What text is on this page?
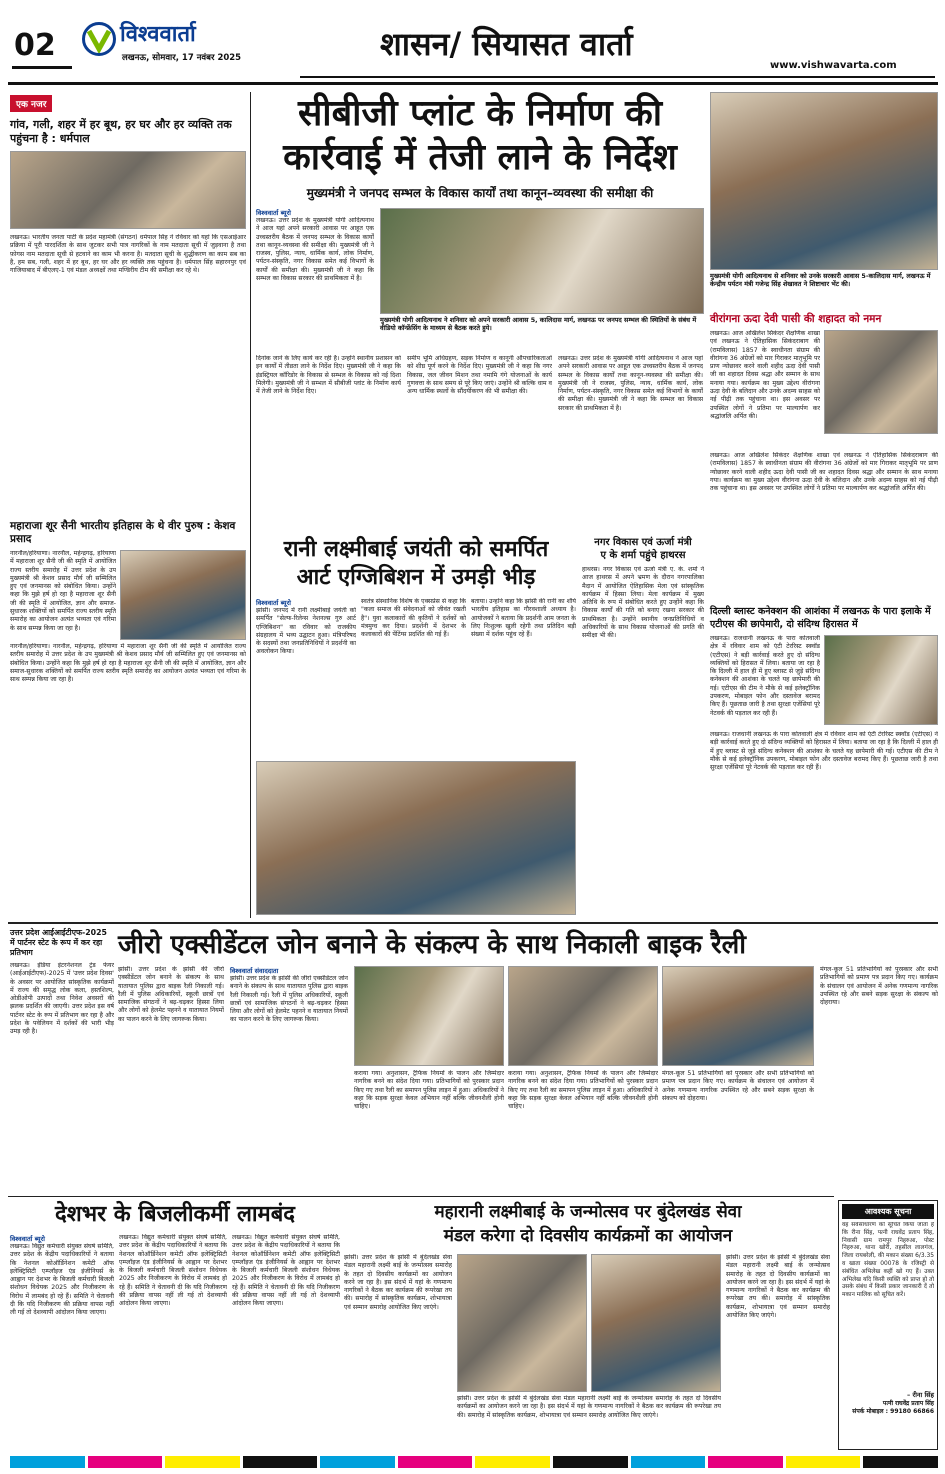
02	विश्ववार्ता
लखनऊ, सोमवार, 17 नवंबर 2025	शासन/ सियासत वार्ता
www.vishwavarta.com
एक नजर
गांव, गली, शहर में हर बूथ, हर घर और हर व्यक्ति तक पहुंचना है : धर्मपाल
लखनऊ। भारतीय जनता पार्टी के प्रदेश महामंत्री (संगठन) धर्मपाल सिंह ने रविवार को यहां कि एसआईआर प्रक्रिया में पूरी पारदर्शिता के साथ जुटकर सभी पात्र नागरिकों के नाम मतदाता सूची में जुड़वाना है तथा फ़ोगस नाम मतदाता सूची से हटवाने का काम भी करना है। मतदाता सूची के शुद्धीकरण का काम सब का है, हम सब, गली, शहर में हर बूथ, हर घर और हर व्यक्ति तक पहुंचना है। धर्मपाल सिंह सहारनपुर एवं गाजियाबाद में बीएलए-1 एवं मंडल अध्यक्षों तथा मण्डिरीय टीम की समीक्षा कर रहे थे।
महाराजा शूर सैनी भारतीय इतिहास के थे वीर पुरुष : केशव प्रसाद
नारनौल/हरियाणा। नारनौल, महेन्द्रगढ़, हरियाणा में महाराजा शूर सैनी जी की स्मृति में आयोजित राज्य स्तरीय समारोह में उत्तर प्रदेश के उप मुख्यमंत्री श्री केशव प्रसाद मौर्य जी सम्मिलित हुए एवं जनमानस को संबोधित किया। उन्होंने कहा कि मुझे हर्ष हो रहा है महाराजा शूर सैनी जी की स्मृति में आयोजित, ज्ञान और समाज-सुधारक शक्तियों को समर्पित राज्य स्तरीय स्मृति समारोह का आयोजन अत्यंत भव्यता एवं गरिमा के साथ सम्पन्न किया जा रहा है।
नारनौल/हरियाणा। नारनौल, महेन्द्रगढ़, हरियाणा में महाराजा शूर सैनी जी की स्मृति में आयोजित राज्य स्तरीय समारोह में उत्तर प्रदेश के उप मुख्यमंत्री श्री केशव प्रसाद मौर्य जी सम्मिलित हुए एवं जनमानस को संबोधित किया। उन्होंने कहा कि मुझे हर्ष हो रहा है महाराजा शूर सैनी जी की स्मृति में आयोजित, ज्ञान और समाज-सुधारक शक्तियों को समर्पित राज्य स्तरीय स्मृति समारोह का आयोजन अत्यंत भव्यता एवं गरिमा के साथ सम्पन्न किया जा रहा है।
सीबीजी प्लांट के निर्माण की
कार्रवाई में तेजी लाने के निर्देश
मुख्यमंत्री ने जनपद सम्भल के विकास कार्यों तथा कानून–व्यवस्था की समीक्षा की
विश्ववार्ता ब्यूरो
लखनऊ। उत्तर प्रदेश के मुख्यमंत्री योगी आदित्यनाथ ने आज यहां अपने सरकारी आवास पर आहूत एक उच्चस्तरीय बैठक में जनपद सम्भल के विकास कार्यों तथा कानून-व्यवस्था की समीक्षा की। मुख्यमंत्री जी ने राजस्व, पुलिस, न्याय, धार्मिक कार्य, लोक निर्माण, पर्यटन-संस्कृति, नगर विकास समेत कई विभागों के कार्यों की समीक्षा की। मुख्यमंत्री जी ने कहा कि सम्भल का विकास सरकार की प्राथमिकता में है।
मुख्यमंत्री योगी आदित्यनाथ ने शनिवार को अपने सरकारी आवास 5, कालिदास मार्ग, लखनऊ पर जनपद सम्भल की स्थितियों के संबंध में वीडियो कॉन्फ्रेंसिंग के माध्यम से बैठक करते हुये।
दिनांक जाने के लिए कार्य कर रही है। उन्होंने स्थानीय प्रशासन को इन कार्यों में तीव्रता लाने के निर्देश दिए। मुख्यमंत्री जी ने कहा कि इंडस्ट्रियल कॉरिडोर के विकास से सम्भल के विकास को नई दिशा मिलेगी। मुख्यमंत्री जी ने सम्भल में सीबीजी प्लांट के निर्माण कार्य में तेजी लाने के निर्देश दिए।
समीप भूमि अधिग्रहण, सड़क निर्माण व कानूनी औपचारिकताओं को शीघ्र पूर्ण करने के निर्देश दिए। मुख्यमंत्री जी ने कहा कि नगर विकास, जल जीवन मिशन तथा नमामि गंगे योजनाओं के कार्य गुणवत्ता के साथ समय से पूरे किए जाएं। उन्होंने श्री कल्कि धाम व अन्य धार्मिक स्थलों के सौंदर्यीकरण की भी समीक्षा की।
लखनऊ। उत्तर प्रदेश के मुख्यमंत्री योगी आदित्यनाथ ने आज यहां अपने सरकारी आवास पर आहूत एक उच्चस्तरीय बैठक में जनपद सम्भल के विकास कार्यों तथा कानून-व्यवस्था की समीक्षा की। मुख्यमंत्री जी ने राजस्व, पुलिस, न्याय, धार्मिक कार्य, लोक निर्माण, पर्यटन-संस्कृति, नगर विकास समेत कई विभागों के कार्यों की समीक्षा की। मुख्यमंत्री जी ने कहा कि सम्भल का विकास सरकार की प्राथमिकता में है।
मुख्यमंत्री योगी आदित्यनाथ से शनिवार को उनके सरकारी आवास 5-कालिदास मार्ग, लखनऊ में केन्द्रीय पर्यटन मंत्री गजेन्द्र सिंह शेखावत ने शिष्टाचार भेंट की।
वीरांगना ऊदा देवी पासी की शहादत को नमन
लखनऊ। आज अखिलेश सिकंदर शैक्षणिक शाखा एवं लखनऊ ने ऐतिहासिक सिकंदराबाग की (रामविलास) 1857 के स्वाधीनता संग्राम की वीरांगना 36 अंग्रेजों को मार गिराकर मातृभूमि पर प्राण न्योछावर करने वाली शहीद ऊदा देवी पासी जी का शहादत दिवस श्रद्धा और सम्मान के साथ मनाया गया। कार्यक्रम का मुख्य उद्देश्य वीरांगना ऊदा देवी के बलिदान और उनके अदम्य साहस को नई पीढ़ी तक पहुंचाना था। इस अवसर पर उपस्थित लोगों ने प्रतिमा पर माल्यार्पण कर श्रद्धांजलि अर्पित की।
लखनऊ। आज अखिलेश सिकंदर शैक्षणिक शाखा एवं लखनऊ ने ऐतिहासिक सिकंदराबाग की (रामविलास) 1857 के स्वाधीनता संग्राम की वीरांगना 36 अंग्रेजों को मार गिराकर मातृभूमि पर प्राण न्योछावर करने वाली शहीद ऊदा देवी पासी जी का शहादत दिवस श्रद्धा और सम्मान के साथ मनाया गया। कार्यक्रम का मुख्य उद्देश्य वीरांगना ऊदा देवी के बलिदान और उनके अदम्य साहस को नई पीढ़ी तक पहुंचाना था। इस अवसर पर उपस्थित लोगों ने प्रतिमा पर माल्यार्पण कर श्रद्धांजलि अर्पित की।
दिल्ली ब्लास्ट कनेक्शन की आशंका में लखनऊ के पारा इलाके में एटीएस की छापेमारी, दो संदिग्ध हिरासत में
लखनऊ। राजधानी लखनऊ के पारा कोतवाली क्षेत्र में रविवार शाम को एंटी टेररिस्ट स्क्वॉड (एटीएस) ने बड़ी कार्रवाई करते हुए दो संदिग्ध व्यक्तियों को हिरासत में लिया। बताया जा रहा है कि दिल्ली में हाल ही में हुए ब्लास्ट से जुड़े संदिग्ध कनेक्शन की आशंका के चलते यह छापेमारी की गई। एटीएस की टीम ने मौके से कई इलेक्ट्रॉनिक उपकरण, मोबाइल फोन और दस्तावेज बरामद किए हैं। पूछताछ जारी है तथा सुरक्षा एजेंसियां पूरे नेटवर्क की पड़ताल कर रही हैं।
लखनऊ। राजधानी लखनऊ के पारा कोतवाली क्षेत्र में रविवार शाम को एंटी टेररिस्ट स्क्वॉड (एटीएस) ने बड़ी कार्रवाई करते हुए दो संदिग्ध व्यक्तियों को हिरासत में लिया। बताया जा रहा है कि दिल्ली में हाल ही में हुए ब्लास्ट से जुड़े संदिग्ध कनेक्शन की आशंका के चलते यह छापेमारी की गई। एटीएस की टीम ने मौके से कई इलेक्ट्रॉनिक उपकरण, मोबाइल फोन और दस्तावेज बरामद किए हैं। पूछताछ जारी है तथा सुरक्षा एजेंसियां पूरे नेटवर्क की पड़ताल कर रही हैं।
रानी लक्ष्मीबाई जयंती को समर्पित
आर्ट एग्जिबिशन में उमड़ी भीड़
विश्ववार्ता ब्यूरो
झांसी। जनपद में रानी लक्ष्मीबाई जयंती को समर्पित "सेल्फ-रिलेन्स नेशनल्स गुरु आर्ट एग्जिबिशन" का रविवार को राजकीय संग्रहालय में भव्य उद्घाटन हुआ। मंत्रिपरिषद के सदस्यों तथा जनप्रतिनिधियों ने प्रदर्शनी का अवलोकन किया।
स्वतंत्र संस्थानिक विशेष के एक्सप्रेस से कहा कि "कला समाज की संवेदनाओं को जीवंत रखती है"। युवा कलाकारों की कृतियों ने दर्शकों को मंत्रमुग्ध कर दिया। प्रदर्शनी में देशभर के कलाकारों की पेंटिंग्स प्रदर्शित की गई हैं।
बताया। उन्होंने कहा कि झांसी की रानी का शौर्य भारतीय इतिहास का गौरवशाली अध्याय है। आयोजकों ने बताया कि प्रदर्शनी आम जनता के लिए निःशुल्क खुली रहेगी तथा प्रतिदिन बड़ी संख्या में दर्शक पहुंच रहे हैं।
नगर विकास एवं ऊर्जा मंत्री
ए के शर्मा पहुंचे हाथरस
हाथरस। नगर विकास एवं ऊर्जा मंत्री ए. के. शर्मा ने आज हाथरस में अपने भ्रमण के दौरान नगरपालिका मैदान में आयोजित ऐतिहासिक मेला एवं सांस्कृतिक कार्यक्रम में हिस्सा लिया। मेला कार्यक्रम में मुख्य अतिथि के रूप में संबोधित करते हुए उन्होंने कहा कि विकास कार्यों की गति को बनाए रखना सरकार की प्राथमिकता है। उन्होंने स्थानीय जनप्रतिनिधियों व अधिकारियों के साथ विकास योजनाओं की प्रगति की समीक्षा भी की।
उत्तर प्रदेश आईआईटीएफ-2025 में पार्टनर स्टेट के रूप में कर रहा प्रतिभाग
लखनऊ। इंडिया इंटरनेशनल ट्रेड फेयर (आईआईटीएफ)-2025 में 'उत्तर प्रदेश दिवस' के अवसर पर आयोजित सांस्कृतिक कार्यक्रमों में राज्य की समृद्ध लोक कला, हस्तशिल्प, ओडीओपी उत्पादों तथा निवेश अवसरों की झलक प्रदर्शित की जाएगी। उत्तर प्रदेश इस वर्ष पार्टनर स्टेट के रूप में प्रतिभाग कर रहा है और प्रदेश के पवेलियन में दर्शकों की भारी भीड़ उमड़ रही है।
जीरो एक्सीडेंटल जोन बनाने के संकल्प के साथ निकाली बाइक रैली
झांसी। उत्तर प्रदेश के झांसी की जीरो एक्सीडेंटल जोन बनाने के संकल्प के साथ यातायात पुलिस द्वारा बाइक रैली निकाली गई। रैली में पुलिस अधिकारियों, स्कूली छात्रों एवं सामाजिक संगठनों ने बढ़-चढ़कर हिस्सा लिया और लोगों को हेलमेट पहनने व यातायात नियमों का पालन करने के लिए जागरूक किया।
विश्ववार्ता संवाददाता
झांसी। उत्तर प्रदेश के झांसी की जीरो एक्सीडेंटल जोन बनाने के संकल्प के साथ यातायात पुलिस द्वारा बाइक रैली निकाली गई। रैली में पुलिस अधिकारियों, स्कूली छात्रों एवं सामाजिक संगठनों ने बढ़-चढ़कर हिस्सा लिया और लोगों को हेलमेट पहनने व यातायात नियमों का पालन करने के लिए जागरूक किया।
कराया गया। अनुशासन, ट्रैफिक नियमों के पालन और जिम्मेदार नागरिक बनने का संदेश दिया गया। प्रतिभागियों को पुरस्कार प्रदान किए गए तथा रैली का समापन पुलिस लाइन में हुआ। अधिकारियों ने कहा कि सड़क सुरक्षा केवल अभियान नहीं बल्कि जीवनशैली होनी चाहिए।
कराया गया। अनुशासन, ट्रैफिक नियमों के पालन और जिम्मेदार नागरिक बनने का संदेश दिया गया। प्रतिभागियों को पुरस्कार प्रदान किए गए तथा रैली का समापन पुलिस लाइन में हुआ। अधिकारियों ने कहा कि सड़क सुरक्षा केवल अभियान नहीं बल्कि जीवनशैली होनी चाहिए।
मंगल-कूल 51 प्रतिभागियों को पुरस्कार और सभी प्रतिभागियों को प्रमाण पत्र प्रदान किए गए। कार्यक्रम के संचालन एवं आयोजन में अनेक गणमान्य नागरिक उपस्थित रहे और सबने सड़क सुरक्षा के संकल्प को दोहराया।
मंगल-कूल 51 प्रतिभागियों को पुरस्कार और सभी प्रतिभागियों को प्रमाण पत्र प्रदान किए गए। कार्यक्रम के संचालन एवं आयोजन में अनेक गणमान्य नागरिक उपस्थित रहे और सबने सड़क सुरक्षा के संकल्प को दोहराया।
देशभर के बिजलीकर्मी लामबंद
विश्ववार्ता ब्यूरो
लखनऊ। विद्युत कर्मचारी संयुक्त संघर्ष समिति, उत्तर प्रदेश के केंद्रीय पदाधिकारियों ने बताया कि नेशनल कोऑर्डिनेशन कमेटी ऑफ इलेक्ट्रिसिटी एम्प्लॉइज एंड इंजीनियर्स के आह्वान पर देशभर के बिजली कर्मचारी बिजली संशोधन विधेयक 2025 और निजीकरण के विरोध में लामबंद हो रहे हैं। समिति ने चेतावनी दी कि यदि निजीकरण की प्रक्रिया वापस नहीं ली गई तो देशव्यापी आंदोलन किया जाएगा।
लखनऊ। विद्युत कर्मचारी संयुक्त संघर्ष समिति, उत्तर प्रदेश के केंद्रीय पदाधिकारियों ने बताया कि नेशनल कोऑर्डिनेशन कमेटी ऑफ इलेक्ट्रिसिटी एम्प्लॉइज एंड इंजीनियर्स के आह्वान पर देशभर के बिजली कर्मचारी बिजली संशोधन विधेयक 2025 और निजीकरण के विरोध में लामबंद हो रहे हैं। समिति ने चेतावनी दी कि यदि निजीकरण की प्रक्रिया वापस नहीं ली गई तो देशव्यापी आंदोलन किया जाएगा।
लखनऊ। विद्युत कर्मचारी संयुक्त संघर्ष समिति, उत्तर प्रदेश के केंद्रीय पदाधिकारियों ने बताया कि नेशनल कोऑर्डिनेशन कमेटी ऑफ इलेक्ट्रिसिटी एम्प्लॉइज एंड इंजीनियर्स के आह्वान पर देशभर के बिजली कर्मचारी बिजली संशोधन विधेयक 2025 और निजीकरण के विरोध में लामबंद हो रहे हैं। समिति ने चेतावनी दी कि यदि निजीकरण की प्रक्रिया वापस नहीं ली गई तो देशव्यापी आंदोलन किया जाएगा।
महारानी लक्ष्मीबाई के जन्मोत्सव पर बुंदेलखंड सेवा
मंडल करेगा दो दिवसीय कार्यक्रमों का आयोजन
झांसी। उत्तर प्रदेश के झांसी में बुंदेलखंड सेवा मंडल महारानी लक्ष्मी बाई के जन्मोत्सव समारोह के तहत दो दिवसीय कार्यक्रमों का आयोजन करने जा रहा है। इस संदर्भ में यहां के गणमान्य नागरिकों ने बैठक कर कार्यक्रम की रूपरेखा तय की। समारोह में सांस्कृतिक कार्यक्रम, शोभायात्रा एवं सम्मान समारोह आयोजित किए जाएंगे।
झांसी। उत्तर प्रदेश के झांसी में बुंदेलखंड सेवा मंडल महारानी लक्ष्मी बाई के जन्मोत्सव समारोह के तहत दो दिवसीय कार्यक्रमों का आयोजन करने जा रहा है। इस संदर्भ में यहां के गणमान्य नागरिकों ने बैठक कर कार्यक्रम की रूपरेखा तय की। समारोह में सांस्कृतिक कार्यक्रम, शोभायात्रा एवं सम्मान समारोह आयोजित किए जाएंगे।
झांसी। उत्तर प्रदेश के झांसी में बुंदेलखंड सेवा मंडल महारानी लक्ष्मी बाई के जन्मोत्सव समारोह के तहत दो दिवसीय कार्यक्रमों का आयोजन करने जा रहा है। इस संदर्भ में यहां के गणमान्य नागरिकों ने बैठक कर कार्यक्रम की रूपरेखा तय की। समारोह में सांस्कृतिक कार्यक्रम, शोभायात्रा एवं सम्मान समारोह आयोजित किए जाएंगे।
आवश्यक सूचना
वह सर्वसाधारण को सूचित किया जाता है कि रीना सिंह, पत्नी राघवेंद्र प्रताप सिंह, निवासी ग्राम रामपुर निहरुआ, पोस्ट निहरुआ, थाना खोरी, तहसील लालगंज, जिला रायबरेली, की मकान संख्या 6/3.35 व खाता संख्या 00078 के रजिस्ट्री से संबंधित अभिलेख कहीं खो गए हैं। उक्त अभिलेख यदि किसी व्यक्ति को प्राप्त हो तो उसके संबंध में किसी प्रकार जानकारी दें तो मकान मालिक को सूचित करें।
– रीना सिंह
पत्नी राघवेंद्र प्रताप सिंह
संपर्क मोबाइल : 99180 66866
